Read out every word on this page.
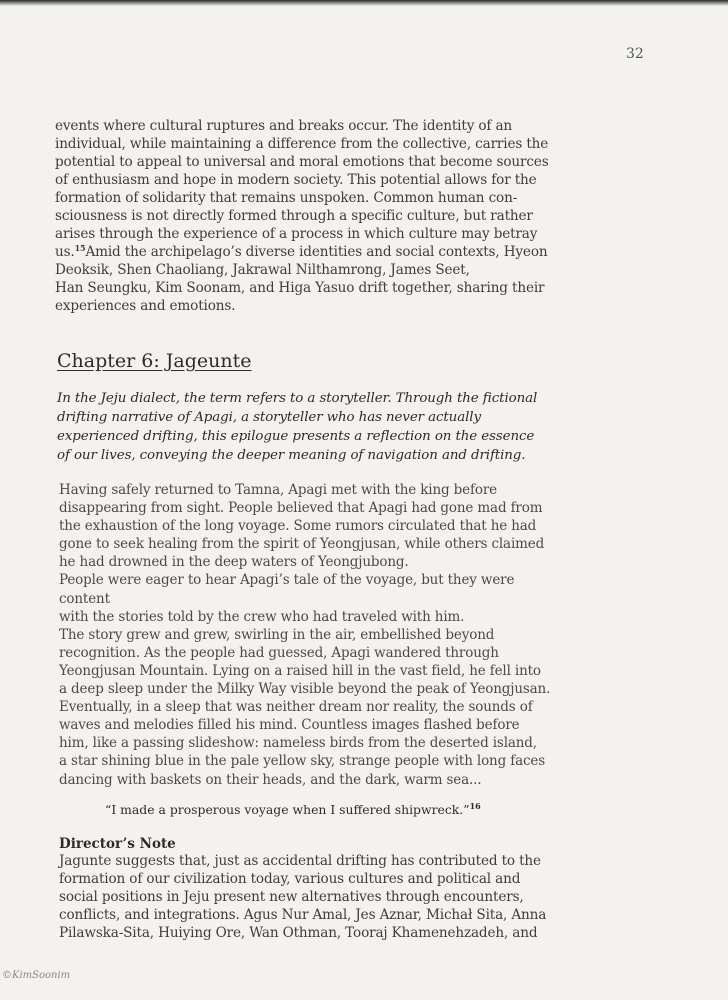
32

events where cultural ruptures and breaks occur. The identity of an
individual, while maintaining a difference from the collective, carries the
potential to appeal to universal and moral emotions that become sources
of enthusiasm and hope in modern society. This potential allows for the
formation of solidarity that remains unspoken. Common human con-
sciousness is not directly formed through a specific culture, but rather
arises through the experience of a process in which culture may betray
us.$^{15}$Amid the archipelago’s diverse identities and social contexts, Hyeon
Deoksik, Shen Chaoliang, Jakrawal Nilthamrong, James Seet,
Han Seungku, Kim Soonam, and Higa Yasuo drift together, sharing their
experiences and emotions.

Chapter 6: Jageunte

In the Jeju dialect, the term refers to a storyteller. Through the fictional
drifting narrative of Apagi, a storyteller who has never actually
experienced drifting, this epilogue presents a reflection on the essence
of our lives, conveying the deeper meaning of navigation and drifting.

Having safely returned to Tamna, Apagi met with the king before
disappearing from sight. People believed that Apagi had gone mad from
the exhaustion of the long voyage. Some rumors circulated that he had
gone to seek healing from the spirit of Yeongjusan, while others claimed
he had drowned in the deep waters of Yeongjubong.
People were eager to hear Apagi’s tale of the voyage, but they were
content
with the stories told by the crew who had traveled with him.
The story grew and grew, swirling in the air, embellished beyond
recognition. As the people had guessed, Apagi wandered through
Yeongjusan Mountain. Lying on a raised hill in the vast field, he fell into
a deep sleep under the Milky Way visible beyond the peak of Yeongjusan.
Eventually, in a sleep that was neither dream nor reality, the sounds of
waves and melodies filled his mind. Countless images flashed before
him, like a passing slideshow: nameless birds from the deserted island,
a star shining blue in the pale yellow sky, strange people with long faces
dancing with baskets on their heads, and the dark, warm sea...

“I made a prosperous voyage when I suffered shipwreck.”$^{16}$

Director’s Note

Jagunte suggests that, just as accidental drifting has contributed to the
formation of our civilization today, various cultures and political and
social positions in Jeju present new alternatives through encounters,
conflicts, and integrations. Agus Nur Amal, Jes Aznar, Michał Sita, Anna
Pilawska-Sita, Huiying Ore, Wan Othman, Tooraj Khamenehzadeh, and

©KimSoonim
